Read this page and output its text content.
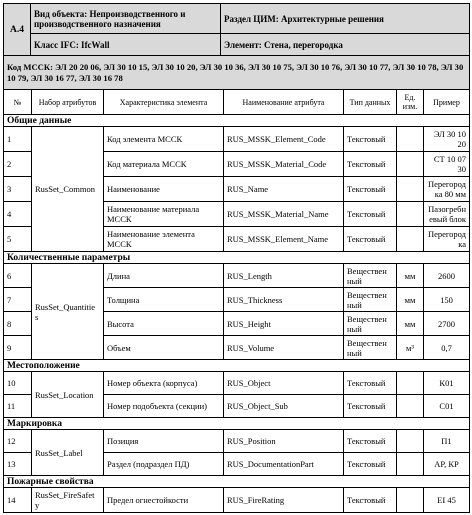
А.4	Вид объекта: Непроизводственного и производственного назначения	Раздел ЦИМ: Архитектурные решения
	Класс IFC: IfcWall	Элемент: Стена, перегородка
Код МССК: ЭЛ 20 20 06, ЭЛ 30 10 15, ЭЛ 30 10 20, ЭЛ 30 10 36, ЭЛ 30 10 75, ЭЛ 30 10 76, ЭЛ 30 10 77, ЭЛ 30 10 78, ЭЛ 30 10 79, ЭЛ 30 16 77, ЭЛ 30 16 78		
№	Набор атрибутов	Характеристика элемента	Наименование атрибута	Тип данных	Ед. изм.	Пример
Общие данные						
1	RusSet_Common	Код элемента МССК	RUS_MSSK_Element_Code	Текстовый		ЭЛ 30 10 20
2		Код материала МССК	RUS_MSSK_Material_Code	Текстовый		СТ 10 07 30
3		Наименование	RUS_Name	Текстовый		Перегород ка 80 мм
4		Наименование материала МССК	RUS_MSSK_Material_Name	Текстовый		Пазогребн евый блок
5		Наименование элемента МССК	RUS_MSSK_Element_Name	Текстовый		Перегород ка
Количественные параметры						
6	RusSet_Quantitie s	Длина	RUS_Length	Веществен ный	мм	2600
7		Толщина	RUS_Thickness	Веществен ный	мм	150
8		Высота	RUS_Height	Веществен ный	мм	2700
9		Объем	RUS_Volume	Веществен ный	м³	0,7
Местоположение						
10	RusSet_Location	Номер объекта (корпуса)	RUS_Object	Текстовый		К01
11		Номер подобъекта (секции)	RUS_Object_Sub	Текстовый		С01
Маркировка						
12	RusSet_Label	Позиция	RUS_Position	Текстовый		П1
13		Раздел (подраздел ПД)	RUS_DocumentationPart	Текстовый		АР, КР
Пожарные свойства						
14	RusSet_FireSafet y	Предел огнестойкости	RUS_FireRating	Текстовый		EI 45
